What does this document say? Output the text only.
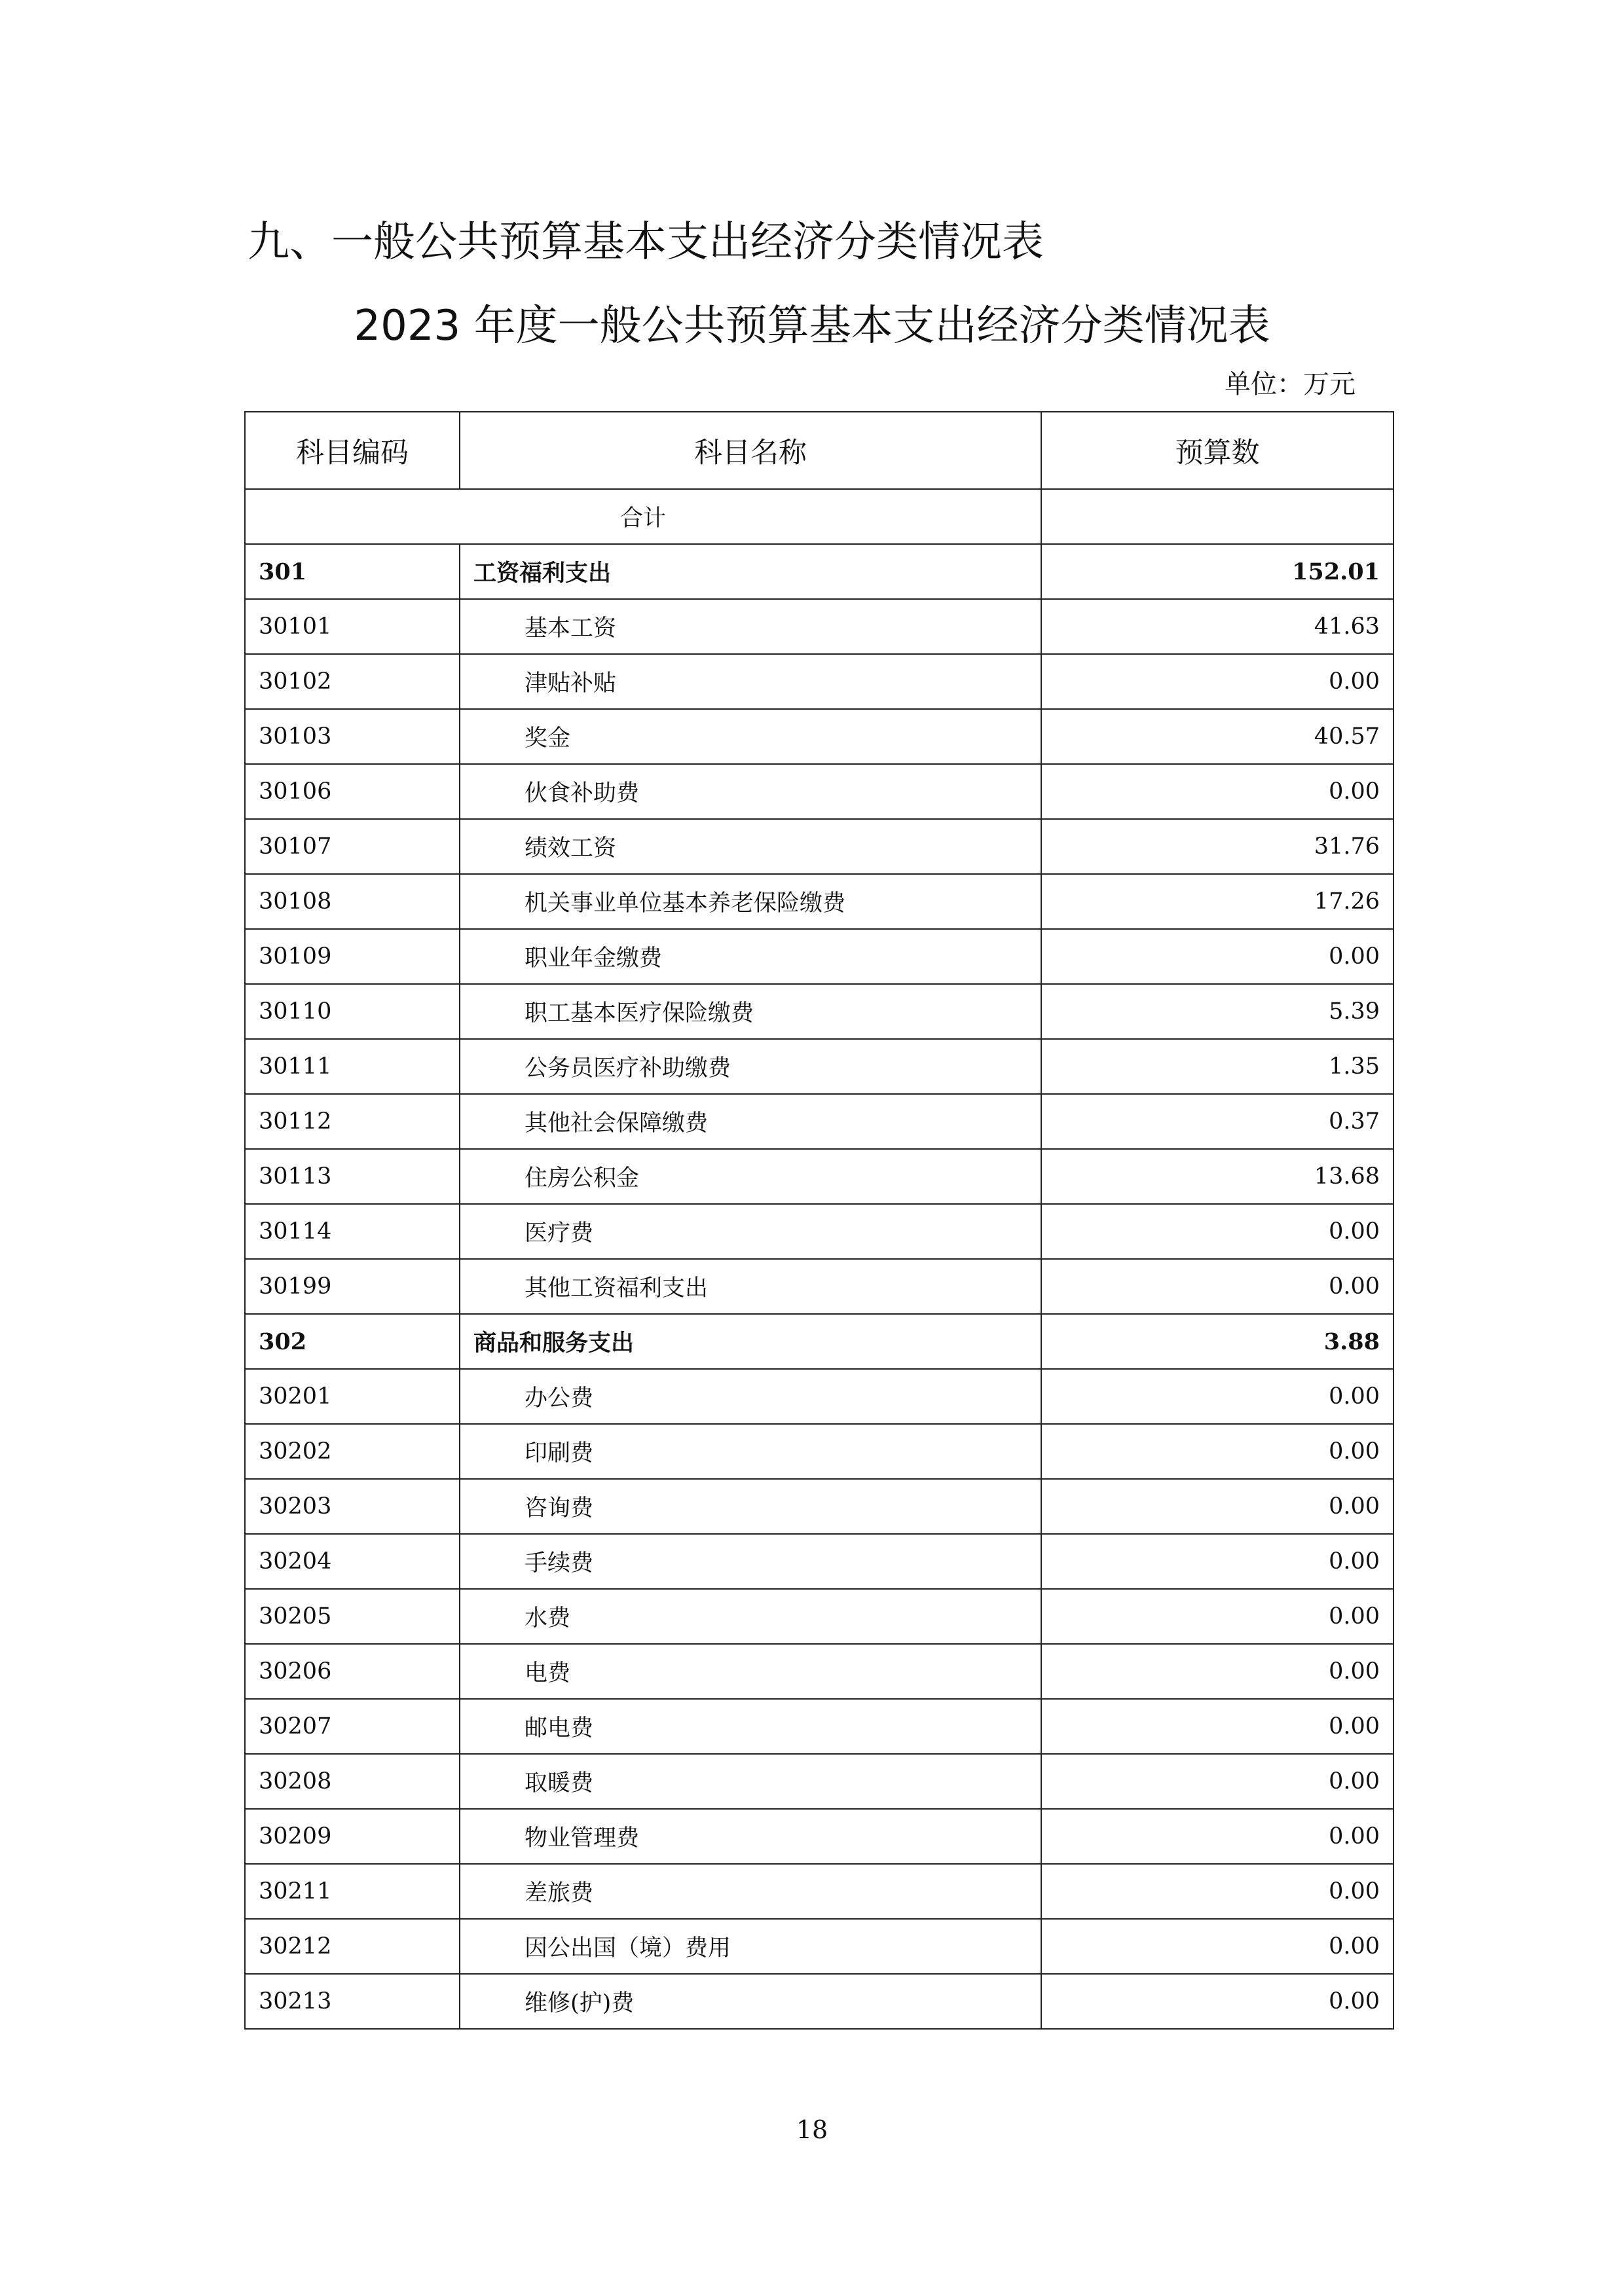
九、一般公共预算基本支出经济分类情况表
2023 年度一般公共预算基本支出经济分类情况表
单位：万元
科目编码	科目名称	预算数
合计		
301	工资福利支出	152.01
30101	基本工资	41.63
30102	津贴补贴	0.00
30103	奖金	40.57
30106	伙食补助费	0.00
30107	绩效工资	31.76
30108	机关事业单位基本养老保险缴费	17.26
30109	职业年金缴费	0.00
30110	职工基本医疗保险缴费	5.39
30111	公务员医疗补助缴费	1.35
30112	其他社会保障缴费	0.37
30113	住房公积金	13.68
30114	医疗费	0.00
30199	其他工资福利支出	0.00
302	商品和服务支出	3.88
30201	办公费	0.00
30202	印刷费	0.00
30203	咨询费	0.00
30204	手续费	0.00
30205	水费	0.00
30206	电费	0.00
30207	邮电费	0.00
30208	取暖费	0.00
30209	物业管理费	0.00
30211	差旅费	0.00
30212	因公出国（境）费用	0.00
30213	维修(护)费	0.00
18
